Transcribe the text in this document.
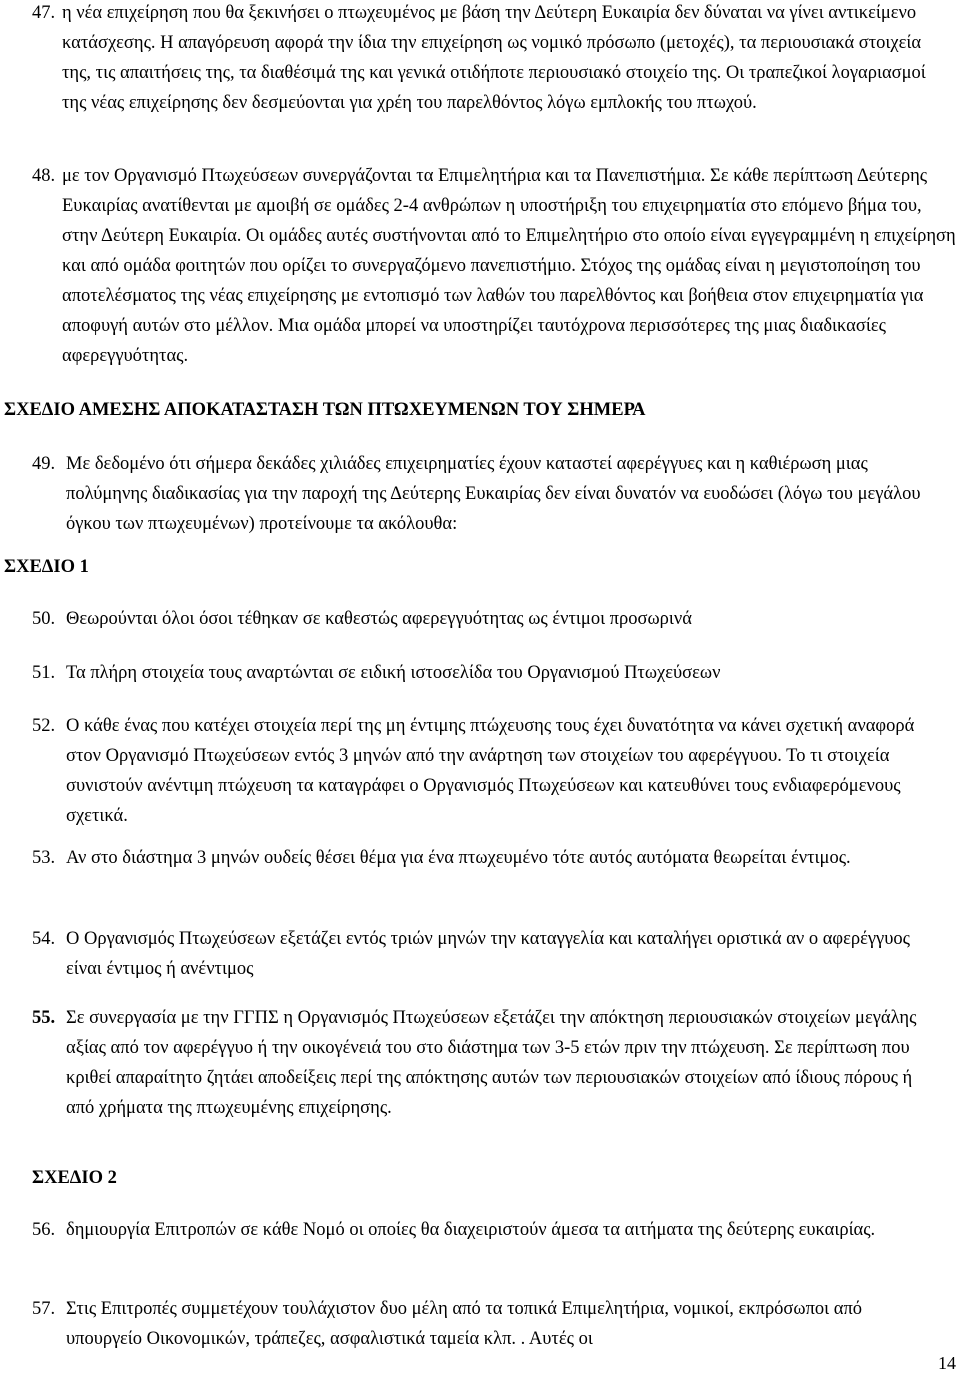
47. η νέα επιχείρηση που θα ξεκινήσει ο πτωχευμένος με βάση την Δεύτερη Ευκαιρία δεν δύναται να γίνει αντικείμενο κατάσχεσης. Η απαγόρευση αφορά την ίδια την επιχείρηση ως νομικό πρόσωπο (μετοχές), τα περιουσιακά στοιχεία της, τις απαιτήσεις της, τα διαθέσιμά της και γενικά οτιδήποτε περιουσιακό στοιχείο της. Οι τραπεζικοί λογαριασμοί της νέας επιχείρησης δεν δεσμεύονται για χρέη του παρελθόντος λόγω εμπλοκής του πτωχού.
48. με τον Οργανισμό Πτωχεύσεων συνεργάζονται τα Επιμελητήρια και τα Πανεπιστήμια. Σε κάθε περίπτωση Δεύτερης Ευκαιρίας ανατίθενται με αμοιβή σε ομάδες 2-4 ανθρώπων η υποστήριξη του επιχειρηματία στο επόμενο βήμα του, στην Δεύτερη Ευκαιρία. Οι ομάδες αυτές συστήνονται από το Επιμελητήριο στο οποίο είναι εγγεγραμμένη η επιχείρηση και από ομάδα φοιτητών που ορίζει το συνεργαζόμενο πανεπιστήμιο. Στόχος της ομάδας είναι η μεγιστοποίηση του αποτελέσματος της νέας επιχείρησης με εντοπισμό των λαθών του παρελθόντος και βοήθεια στον επιχειρηματία για αποφυγή αυτών στο μέλλον. Μια ομάδα μπορεί να υποστηρίζει ταυτόχρονα περισσότερες της μιας διαδικασίες αφερεγγυότητας.
ΣΧΕΔΙΟ ΑΜΕΣΗΣ ΑΠΟΚΑΤΑΣΤΑΣΗ ΤΩΝ ΠΤΩΧΕΥΜΕΝΩΝ ΤΟΥ ΣΗΜΕΡΑ
49. Με δεδομένο ότι σήμερα δεκάδες χιλιάδες επιχειρηματίες έχουν καταστεί αφερέγγυες και η καθιέρωση μιας πολύμηνης διαδικασίας για την παροχή της Δεύτερης Ευκαιρίας δεν είναι δυνατόν να ευοδώσει (λόγω του μεγάλου όγκου των πτωχευμένων) προτείνουμε τα ακόλουθα:
ΣΧΕΔΙΟ 1
50. Θεωρούνται όλοι όσοι τέθηκαν σε καθεστώς αφερεγγυότητας ως έντιμοι προσωρινά
51. Τα πλήρη στοιχεία τους αναρτώνται σε ειδική ιστοσελίδα του Οργανισμού Πτωχεύσεων
52. Ο κάθε ένας που κατέχει στοιχεία περί της μη έντιμης πτώχευσης τους έχει δυνατότητα να κάνει σχετική αναφορά στον Οργανισμό Πτωχεύσεων εντός 3 μηνών από την ανάρτηση των στοιχείων του αφερέγγυου. Το τι στοιχεία συνιστούν ανέντιμη πτώχευση τα καταγράφει ο Οργανισμός Πτωχεύσεων και κατευθύνει τους ενδιαφερόμενους σχετικά.
53. Αν στο διάστημα 3 μηνών ουδείς θέσει θέμα για ένα πτωχευμένο τότε αυτός αυτόματα θεωρείται έντιμος.
54. Ο Οργανισμός Πτωχεύσεων εξετάζει εντός τριών μηνών την καταγγελία και καταλήγει οριστικά αν ο αφερέγγυος είναι έντιμος ή ανέντιμος
55. Σε συνεργασία με την ΓΓΠΣ η Οργανισμός Πτωχεύσεων εξετάζει την απόκτηση περιουσιακών στοιχείων μεγάλης αξίας από τον αφερέγγυο ή την οικογένειά του στο διάστημα των 3-5 ετών πριν την πτώχευση. Σε περίπτωση που κριθεί απαραίτητο ζητάει αποδείξεις περί της απόκτησης αυτών των περιουσιακών στοιχείων από ίδιους πόρους ή από χρήματα της πτωχευμένης επιχείρησης.
ΣΧΕΔΙΟ 2
56. δημιουργία Επιτροπών σε κάθε Νομό οι οποίες θα διαχειριστούν άμεσα τα αιτήματα της δεύτερης ευκαιρίας.
57. Στις Επιτροπές συμμετέχουν τουλάχιστον δυο μέλη από τα τοπικά Επιμελητήρια, νομικοί, εκπρόσωποι από υπουργείο Οικονομικών, τράπεζες, ασφαλιστικά ταμεία κλπ. . Αυτές οι
14
